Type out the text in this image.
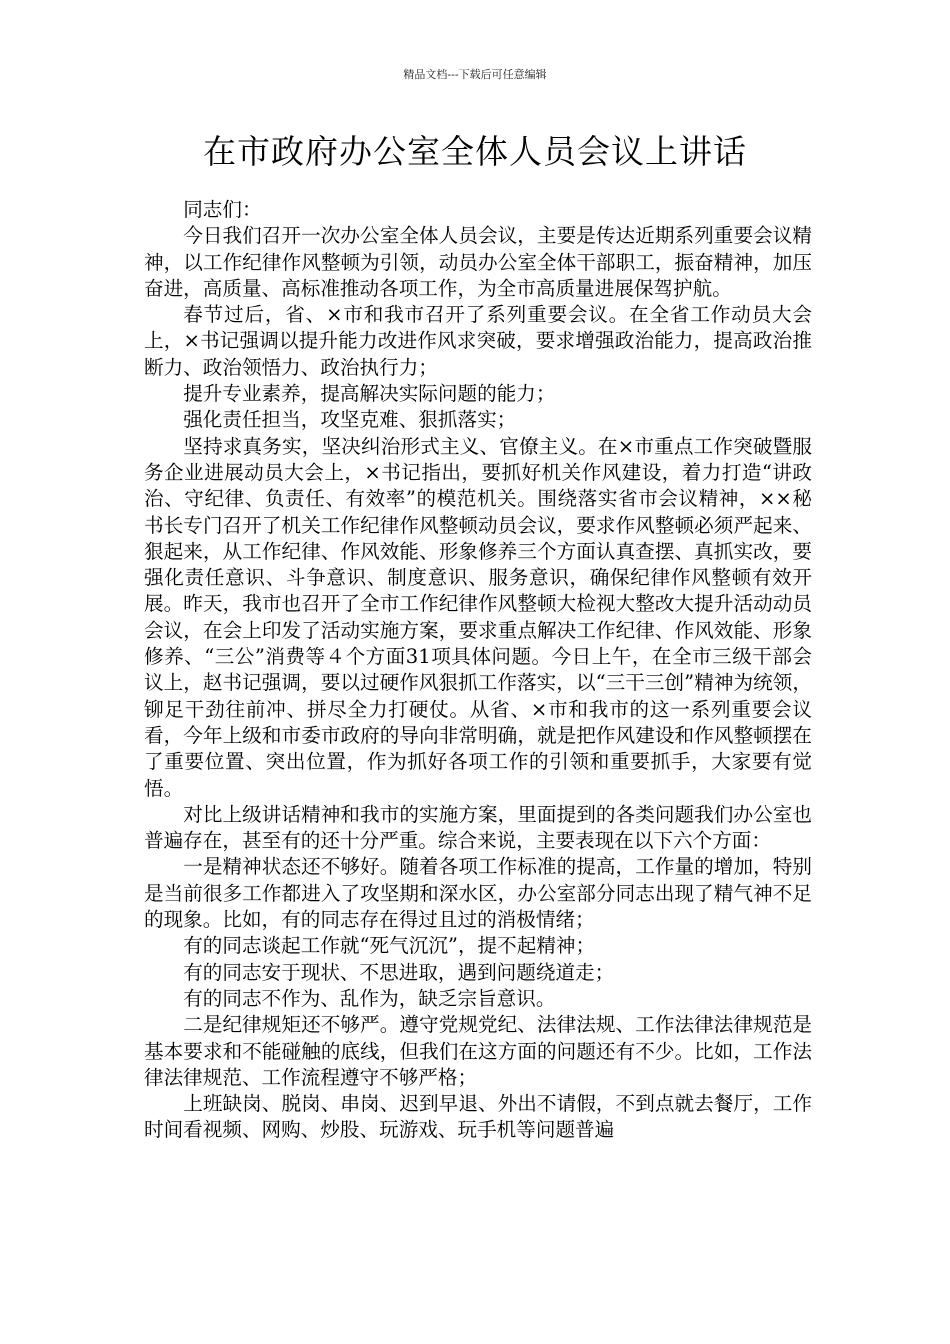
精品文档---下载后可任意编辑
在市政府办公室全体人员会议上讲话

同志们：

今日我们召开一次办公室全体人员会议，主要是传达近期系列重要会议精神，以工作纪律作风整顿为引领，动员办公室全体干部职工，振奋精神，加压奋进，高质量、高标准推动各项工作，为全市高质量进展保驾护航。

春节过后，省、×市和我市召开了系列重要会议。在全省工作动员大会上，×书记强调以提升能力改进作风求突破，要求增强政治能力，提高政治推断力、政治领悟力、政治执行力；

提升专业素养，提高解决实际问题的能力；

强化责任担当，攻坚克难、狠抓落实；

坚持求真务实，坚决纠治形式主义、官僚主义。在×市重点工作突破暨服务企业进展动员大会上，×书记指出，要抓好机关作风建设，着力打造“讲政治、守纪律、负责任、有效率”的模范机关。围绕落实省市会议精神，××秘书长专门召开了机关工作纪律作风整顿动员会议，要求作风整顿必须严起来、狠起来，从工作纪律、作风效能、形象修养三个方面认真查摆、真抓实改，要强化责任意识、斗争意识、制度意识、服务意识，确保纪律作风整顿有效开展。昨天，我市也召开了全市工作纪律作风整顿大检视大整改大提升活动动员会议，在会上印发了活动实施方案，要求重点解决工作纪律、作风效能、形象修养、“三公”消费等４个方面31项具体问题。今日上午，在全市三级干部会议上，赵书记强调，要以过硬作风狠抓工作落实，以“三干三创”精神为统领，铆足干劲往前冲、拼尽全力打硬仗。从省、×市和我市的这一系列重要会议看，今年上级和市委市政府的导向非常明确，就是把作风建设和作风整顿摆在了重要位置、突出位置，作为抓好各项工作的引领和重要抓手，大家要有觉悟。

对比上级讲话精神和我市的实施方案，里面提到的各类问题我们办公室也普遍存在，甚至有的还十分严重。综合来说，主要表现在以下六个方面：

一是精神状态还不够好。随着各项工作标准的提高，工作量的增加，特别是当前很多工作都进入了攻坚期和深水区，办公室部分同志出现了精气神不足的现象。比如，有的同志存在得过且过的消极情绪；

有的同志谈起工作就“死气沉沉”，提不起精神；

有的同志安于现状、不思进取，遇到问题绕道走；

有的同志不作为、乱作为，缺乏宗旨意识。

二是纪律规矩还不够严。遵守党规党纪、法律法规、工作法律法律规范是基本要求和不能碰触的底线，但我们在这方面的问题还有不少。比如，工作法律法律规范、工作流程遵守不够严格；

上班缺岗、脱岗、串岗、迟到早退、外出不请假，不到点就去餐厅，工作时间看视频、网购、炒股、玩游戏、玩手机等问题普遍
